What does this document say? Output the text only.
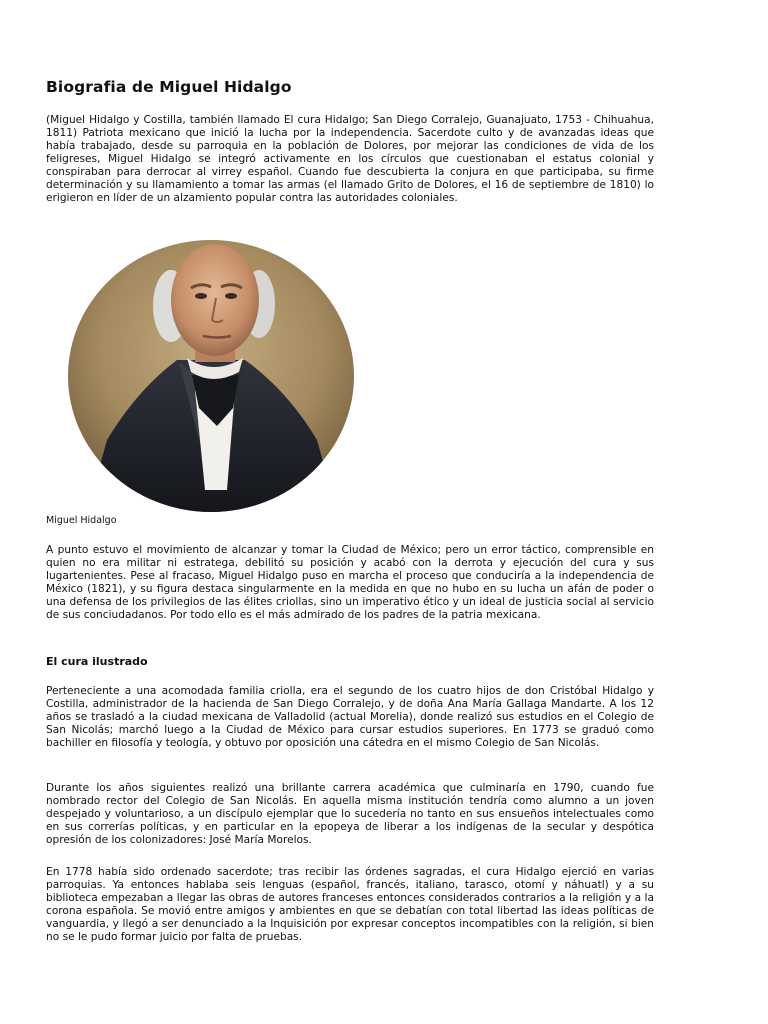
Biografia de Miguel Hidalgo

(Miguel Hidalgo y Costilla, también llamado El cura Hidalgo; San Diego Corralejo, Guanajuato, 1753 - Chihuahua, 1811) Patriota mexicano que inició la lucha por la independencia. Sacerdote culto y de avanzadas ideas que había trabajado, desde su parroquia en la población de Dolores, por mejorar las condiciones de vida de los feligreses, Miguel Hidalgo se integró activamente en los círculos que cuestionaban el estatus colonial y conspiraban para derrocar al virrey español. Cuando fue descubierta la conjura en que participaba, su firme determinación y su llamamiento a tomar las armas (el llamado Grito de Dolores, el 16 de septiembre de 1810) lo erigieron en líder de un alzamiento popular contra las autoridades coloniales.

Miguel Hidalgo

A punto estuvo el movimiento de alcanzar y tomar la Ciudad de México; pero un error táctico, comprensible en quien no era militar ni estratega, debilitó su posición y acabó con la derrota y ejecución del cura y sus lugartenientes. Pese al fracaso, Miguel Hidalgo puso en marcha el proceso que conduciría a la independencia de México (1821), y su figura destaca singularmente en la medida en que no hubo en su lucha un afán de poder o una defensa de los privilegios de las élites criollas, sino un imperativo ético y un ideal de justicia social al servicio de sus conciudadanos. Por todo ello es el más admirado de los padres de la patria mexicana.

El cura ilustrado

Perteneciente a una acomodada familia criolla, era el segundo de los cuatro hijos de don Cristóbal Hidalgo y Costilla, administrador de la hacienda de San Diego Corralejo, y de doña Ana María Gallaga Mandarte. A los 12 años se trasladó a la ciudad mexicana de Valladolid (actual Morelia), donde realizó sus estudios en el Colegio de San Nicolás; marchó luego a la Ciudad de México para cursar estudios superiores. En 1773 se graduó como bachiller en filosofía y teología, y obtuvo por oposición una cátedra en el mismo Colegio de San Nicolás.

Durante los años siguientes realizó una brillante carrera académica que culminaría en 1790, cuando fue nombrado rector del Colegio de San Nicolás. En aquella misma institución tendría como alumno a un joven despejado y voluntarioso, a un discípulo ejemplar que lo sucedería no tanto en sus ensueños intelectuales como en sus correrías políticas, y en particular en la epopeya de liberar a los indígenas de la secular y despótica opresión de los colonizadores: José María Morelos.

En 1778 había sido ordenado sacerdote; tras recibir las órdenes sagradas, el cura Hidalgo ejerció en varias parroquias. Ya entonces hablaba seis lenguas (español, francés, italiano, tarasco, otomí y náhuatl) y a su biblioteca empezaban a llegar las obras de autores franceses entonces considerados contrarios a la religión y a la corona española. Se movió entre amigos y ambientes en que se debatían con total libertad las ideas políticas de vanguardia, y llegó a ser denunciado a la Inquisición por expresar conceptos incompatibles con la religión, si bien no se le pudo formar juicio por falta de pruebas.
